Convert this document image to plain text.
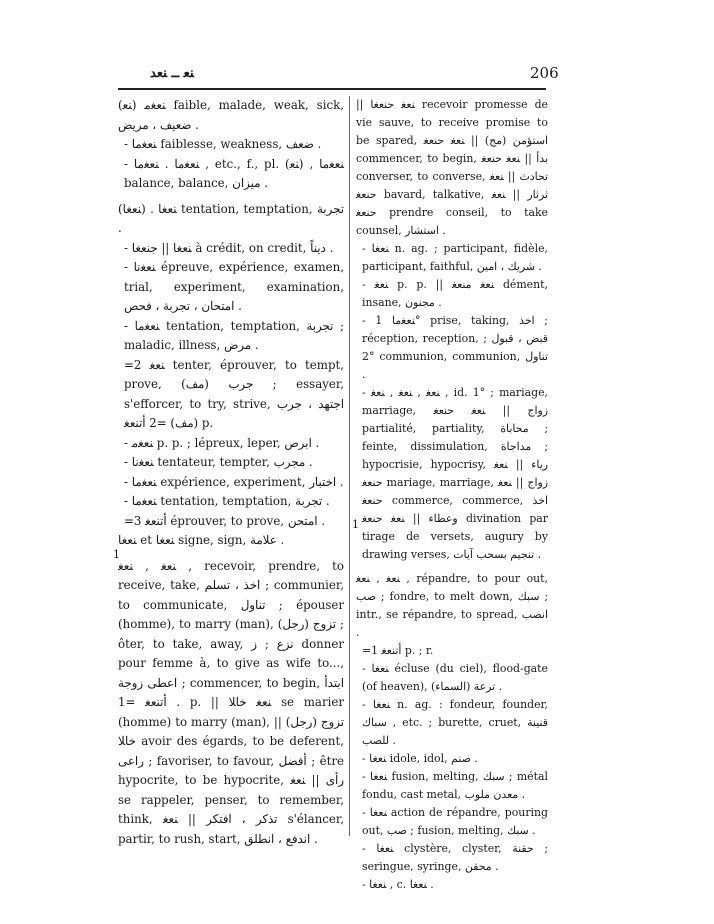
ﻨﻌ ــ ﻨﻌﺪ	206
(ﻨﻌ) ﻨﻌﻐﻣ faible, malade, weak, sick, ضعيف ، مريض .
- ﻨﻌﻐﻣﺎ faiblesse, weakness, ضعف .
- ﻨﻌﻐﻣﺎ . ﻨﻌﻐﻣﺎ , etc., f., pl. ﻨﻌﻐﻣﺎ , (ﻨﻌ) balance, balance, ميزان .
(ﻨﻌﻐﺎ) . ﻨﻌﻐﺎ tentation, temptation, تجربة .
- ﻨﻌﻐﺎ || ﺟﻨﻌﻐﺎ à crédit, on credit, ديناً .
- ﻨﻌﻐﻧﺎ épreuve, expérience, examen, trial, experiment, examination, امتحان ، تجربة ، فحص .
- ﻨﻌﻐﻣﺎ tentation, temptation, تجربة ; maladic, illness, مرض .
=2 ﻨﻌﻐ tenter, éprouver, to tempt, prove, جرب (مف) ; essayer, s'efforcer, to try, strive, اجتهد ، جرب (مف) =2 ﺃﺗﻨﻌﻐ p.
- ﻨﻌﻐﻣ p. p. ; lépreux, leper, ابرص .
- ﻨﻌﻐﻧﺎ tentateur, tempter, مجرب .
- ﻨﻌﻐﻣﺎ expérience, experiment, اختبار .
- ﻨﻌﻐﻣﺎ tentation, temptation, تجربة .
=3 ﺃﺗﻨﻌﻐ éprouver, to prove, امتحن .
ﻨﻌﻐﺎ et ﻨﻌﻐﺎ signe, sign, علامة .
ﻨﻌﻐ , ﻨﻌﻐ , recevoir, prendre, to receive, take, اخذ ، تسلم ; communier, to communicate, تناول ; épouser (homme), to marry (man), تزوج (رجل) ; ôter, to take, away, نزع ; ﺯ donner pour femme à, to give as wife to..., اعطى زوجة ; commencer, to begin, ابتدأ . ﺃﺗﻨﻌﻐ =1 p. || ﻨﻌﻐ ﺧﺎﻠﺎ se marier (homme) to marry (man), تزوج (رجل) || ﺧﺎﻠﺎ avoir des égards, to be deferent, راعى ; favoriser, to favour, أفضل ; être hypocrite, to be hypocrite, رأى || ﻨﻌﻐ se rappeler, penser, to remember, think, تذكر ، افتكر || ﻨﻌﻐ s'élancer, partir, to rush, start, اندفع ، انطلق .
|| ﻨﻌﻐ ﺣﻨﻌﻐﺎ recevoir promesse de vie sauve, to receive promise to be spared, استؤمن (مج) || ﻨﻌﻐ ﺣﻨﻌﻐ commencer, to begin, بدأ || ﻨﻌﻐ ﺣﻨﻌﻐ converser, to converse, تحادث || ﻨﻌﻐ ﺣﻨﻌﻐ bavard, talkative, ثرثار || ﻨﻌﻐ ﺣﻨﻌﻐ prendre conseil, to take counsel, استشار .
- ﻨﻌﻐﺎ n. ag. ; participant, fidèle, participant, faithful, شريك ، امين .
- ﻨﻌﻐ p. p. || ﻨﻌﻐ ﻣﻨﻌﻐ dément, insane, مجنون .
- ﻨﻌﻐﻣﺎ 1° prise, taking, اخذ ; réception, reception, قبض ، قبول ; 2° communion, communion, تناول .
- ﻨﻌﻐ , ﻨﻌﻐ , ﻨﻌﻐ , id. 1° ; mariage, marriage, زواج || ﻨﻌﻐ ﺣﻨﻌﻐ partialité, partiality, محاباة ; feinte, dissimulation, مداجاة ; hypocrisie, hypocrisy, رياء || ﻨﻌﻐ ﺣﻨﻌﻐ mariage, marriage, زواج || ﻨﻌﻐ ﺣﻨﻌﻐ commerce, commerce, اخذ وعطاء || ﻨﻌﻐ ﺣﻨﻌﻐ divination par tirage de versets, augury by drawing verses, تنجيم بسحب آيات .
ﻨﻌﻐ , ﻨﻌﻐ , répandre, to pour out, صب ; fondre, to melt down, سبك ; intr., se répandre, to spread, انصب .
=1 ﺃﺗﻨﻌﻐ p. ; r.
- ﻨﻌﻐﺎ écluse (du ciel), flood-gate (of heaven), ترعة (السماء) .
- ﻨﻌﻐﺎ n. ag. : fondeur, founder, سباك , etc. ; burette, cruet, قنينة للصب .
- ﻨﻌﻐﺎ idole, idol, صنم .
- ﻨﻌﻐﺎ fusion, melting, سبك ; métal fondu, cast metal, معدن ملوب .
- ﻨﻌﻐﺎ action de répandre, pouring out, صب ; fusion, melting, سبك .
- ﻨﻌﻐﺎ clystère, clyster, حقنة ; seringue, syringe, محقن .
- ﻨﻌﻐﺎ , c. ﻨﻌﻐﺎ .
1
1
